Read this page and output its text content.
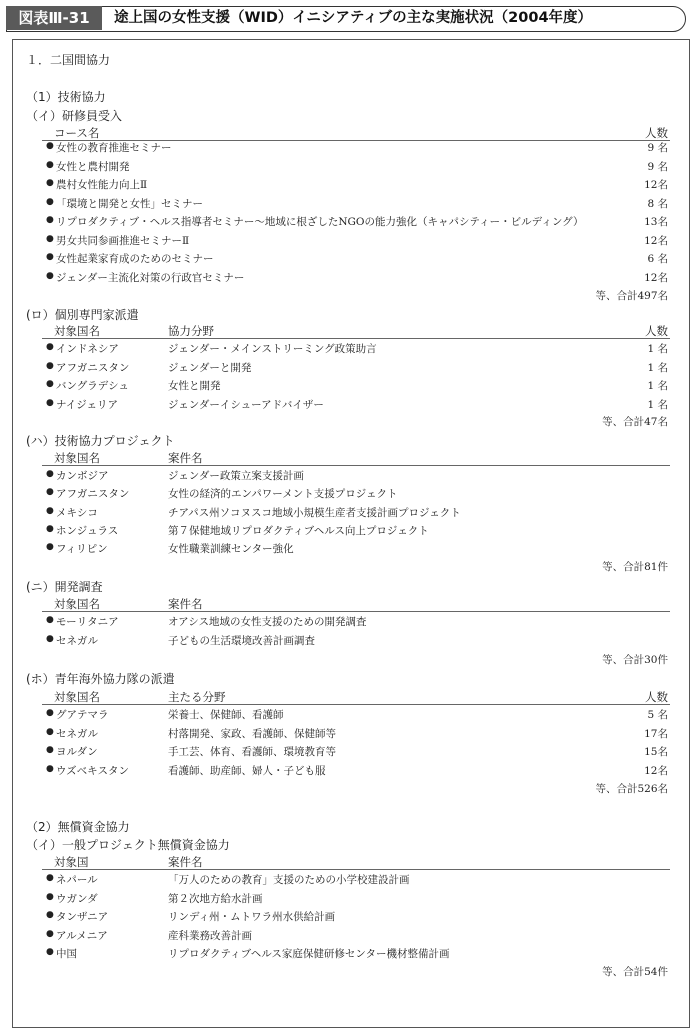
図表Ⅲ-31	途上国の女性支援（WID）イニシアティブの主な実施状況（2004年度）
１．二国間協力
（1）技術協力
（イ）研修員受入
コース名	人数
● 女性の教育推進セミナー	9 名
● 女性と農村開発	9 名
● 農村女性能力向上Ⅱ	12名
● 「環境と開発と女性」セミナー	8 名
● リプロダクティブ・ヘルス指導者セミナー～地域に根ざしたNGOの能力強化（キャパシティー・ビルディング）	13名
● 男女共同参画推進セミナーⅡ	12名
● 女性起業家育成のためのセミナー	6 名
● ジェンダー主流化対策の行政官セミナー	12名
等、合計497名
(ロ）個別専門家派遣
対象国名	協力分野	人数
● インドネシア	ジェンダー・メインストリーミング政策助言	1 名
● アフガニスタン	ジェンダーと開発	1 名
● バングラデシュ	女性と開発	1 名
● ナイジェリア	ジェンダーイシューアドバイザー	1 名
等、合計47名
(ハ）技術協力プロジェクト
対象国名	案件名
● カンボジア	ジェンダー政策立案支援計画
● アフガニスタン	女性の経済的エンパワーメント支援プロジェクト
● メキシコ	チアパス州ソコヌスコ地域小規模生産者支援計画プロジェクト
● ホンジュラス	第７保健地域リプロダクティブヘルス向上プロジェクト
● フィリピン	女性職業訓練センター強化
等、合計81件
(ニ）開発調査
対象国名	案件名
● モーリタニア	オアシス地域の女性支援のための開発調査
● セネガル	子どもの生活環境改善計画調査
等、合計30件
(ホ）青年海外協力隊の派遣
対象国名	主たる分野	人数
● グアテマラ	栄養士、保健師、看護師	5 名
● セネガル	村落開発、家政、看護師、保健師等	17名
● ヨルダン	手工芸、体育、看護師、環境教育等	15名
● ウズベキスタン	看護師、助産師、婦人・子ども服	12名
等、合計526名
（2）無償資金協力
（イ）一般プロジェクト無償資金協力
対象国	案件名
● ネパール	「万人のための教育」支援のための小学校建設計画
● ウガンダ	第２次地方給水計画
● タンザニア	リンディ州・ムトワラ州水供給計画
● アルメニア	産科業務改善計画
● 中国	リプロダクティブヘルス家庭保健研修センター機材整備計画
等、合計54件
